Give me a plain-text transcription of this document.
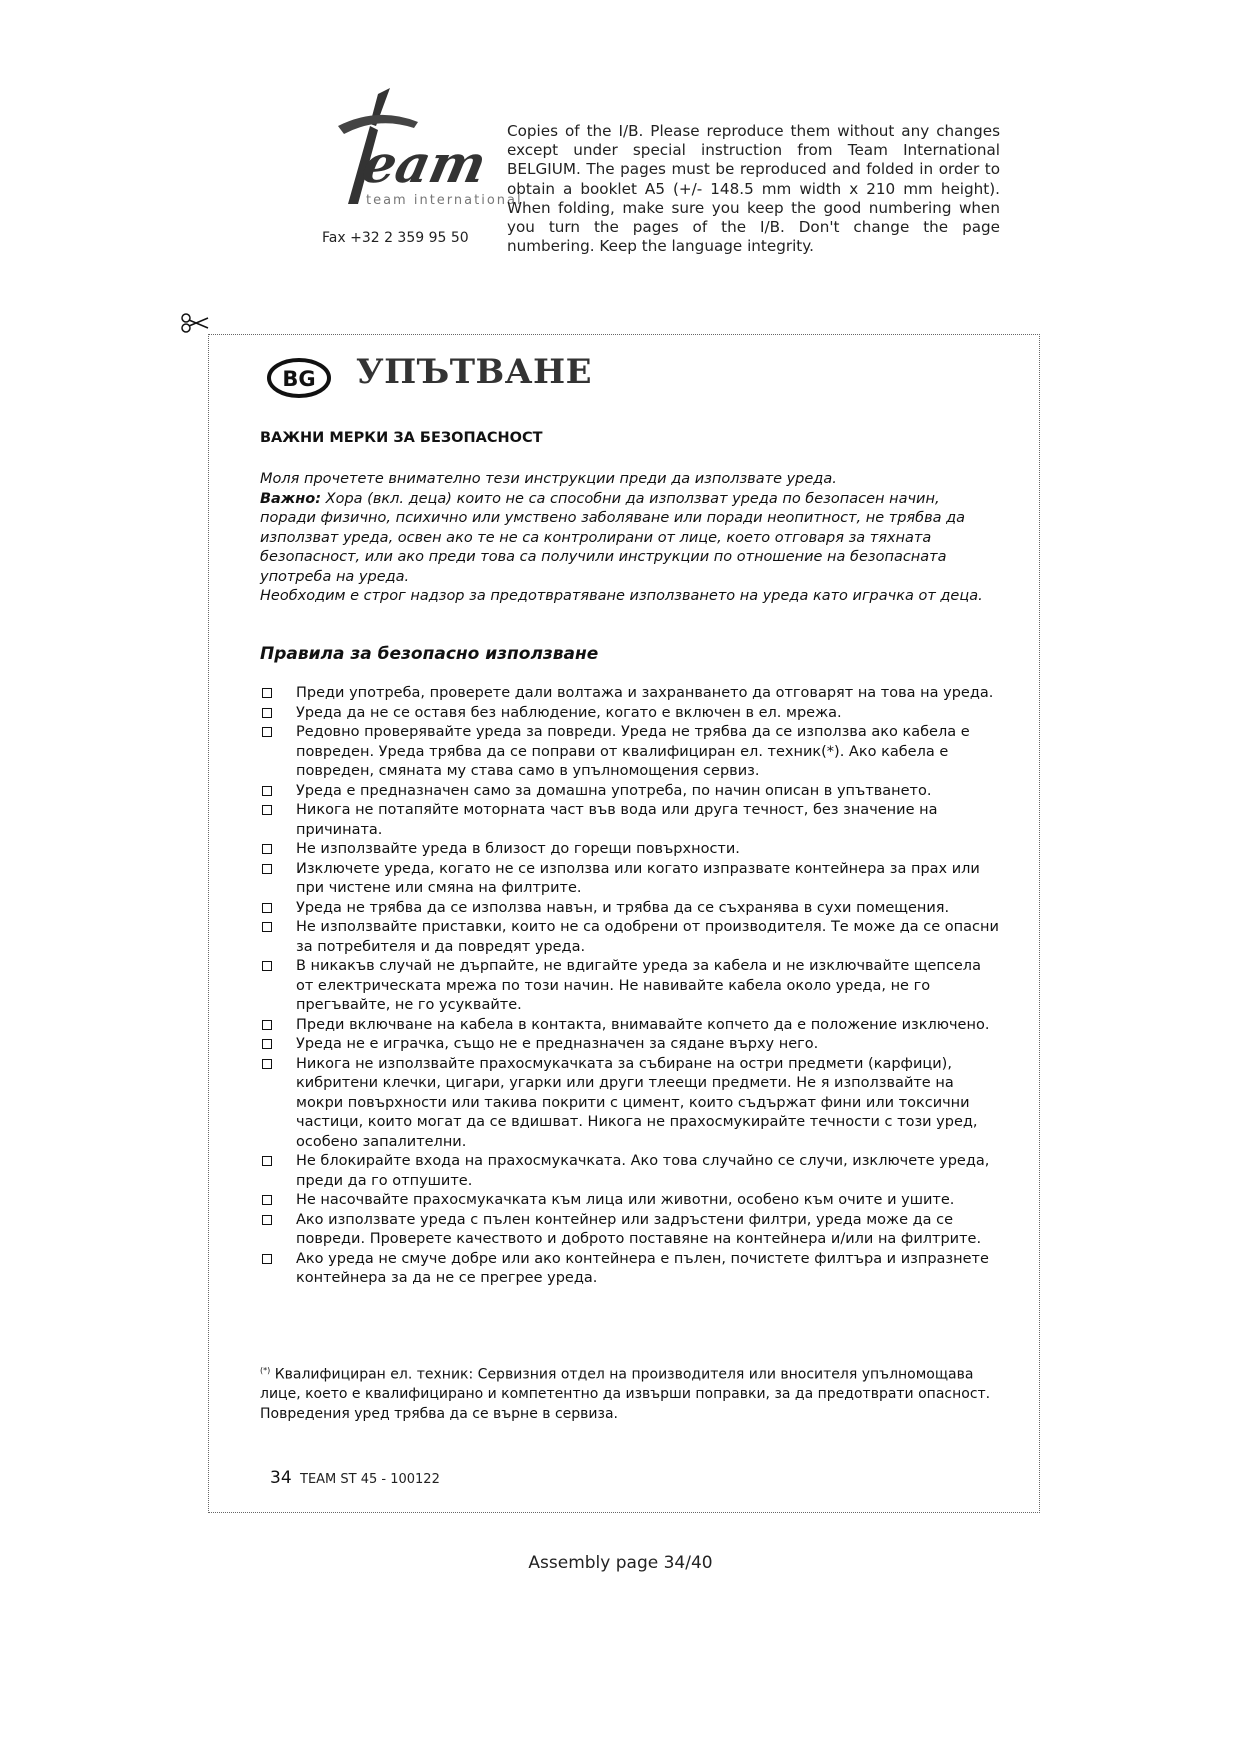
eam
team international
Fax +32 2 359 95 50
Copies of the I/B. Please reproduce them without any changes except under special instruction from Team International BELGIUM. The pages must be reproduced and folded in order to obtain a booklet A5 (+/- 148.5 mm width x 210 mm height). When folding, make sure you keep the good numbering when you turn the pages of the I/B. Don't change the page numbering. Keep the language integrity.
BG УПЪТВАНЕ
ВАЖНИ МЕРКИ ЗА БЕЗОПАСНОСТ
Моля прочетете внимателно тези инструкции преди да използвате уреда.
Важно: Хора (вкл. деца) които не са способни да използват уреда по безопасен начин, поради физично, психично или умствено заболяване или поради неопитност, не трябва да използват уреда, освен ако те не са контролирани от лице, което отговаря за тяхната безопасност, или ако преди това са получили инструкции по отношение на безопасната употреба на уреда.
Необходим е строг надзор за предотвратяване използването на уреда като играчка от деца.
Правила за безопасно използване
Преди употреба, проверете дали волтажа и захранването да отговарят на това на уреда.
Уреда да не се оставя без наблюдение, когато е включен в ел. мрежа.
Редовно проверявайте уреда за повреди. Уреда не трябва да се използва ако кабела е повреден. Уреда трябва да се поправи от квалифициран ел. техник(*). Ако кабела е повреден, смяната му става само в упълномощения сервиз.
Уреда е предназначен само за домашна употреба, по начин описан в упътването.
Никога не потапяйте моторната част във вода или друга течност, без значение на причината.
Не използвайте уреда в близост до горещи повърхности.
Изключете уреда, когато не се използва или когато изпразвате контейнера за прах или при чистене или смяна на филтрите.
Уреда не трябва да се използва навън, и трябва да се съхранява в сухи помещения.
Не използвайте приставки, които не са одобрени от производителя. Те може да се опасни за потребителя и да повредят уреда.
В никакъв случай не дърпайте, не вдигайте уреда за кабела и не изключвайте щепсела от електрическата мрежа по този начин. Не навивайте кабела около уреда, не го прегъвайте, не го усуквайте.
Преди включване на кабела в контакта, внимавайте копчето да е положение изключено.
Уреда не е играчка, също не е предназначен за сядане върху него.
Никога не използвайте прахосмукачката за събиране на остри предмети (карфици), кибритени клечки, цигари, угарки или други тлеещи предмети. Не я използвайте на мокри повърхности или такива покрити с цимент, които съдържат фини или токсични частици, които могат да се вдишват. Никога не прахосмукирайте течности с този уред, особено запалителни.
Не блокирайте входа на прахосмукачката. Ако това случайно се случи, изключете уреда, преди да го отпушите.
Не насочвайте прахосмукачката към лица или животни, особено към очите и ушите.
Ако използвате уреда с пълен контейнер или задръстени филтри, уреда може да се повреди. Проверете качеството и доброто поставяне на контейнера и/или на филтрите.
Ако уреда не смуче добре или ако контейнера е пълен, почистете филтъра и изпразнете контейнера за да не се прегрее уреда.
(*) Квалифициран ел. техник: Сервизния отдел на производителя или вносителя упълномощава лице, което е квалифицирано и компетентно да извърши поправки, за да предотврати опасност. Повредения уред трябва да се върне в сервиза.
34 TEAM ST 45 - 100122
Assembly page 34/40
